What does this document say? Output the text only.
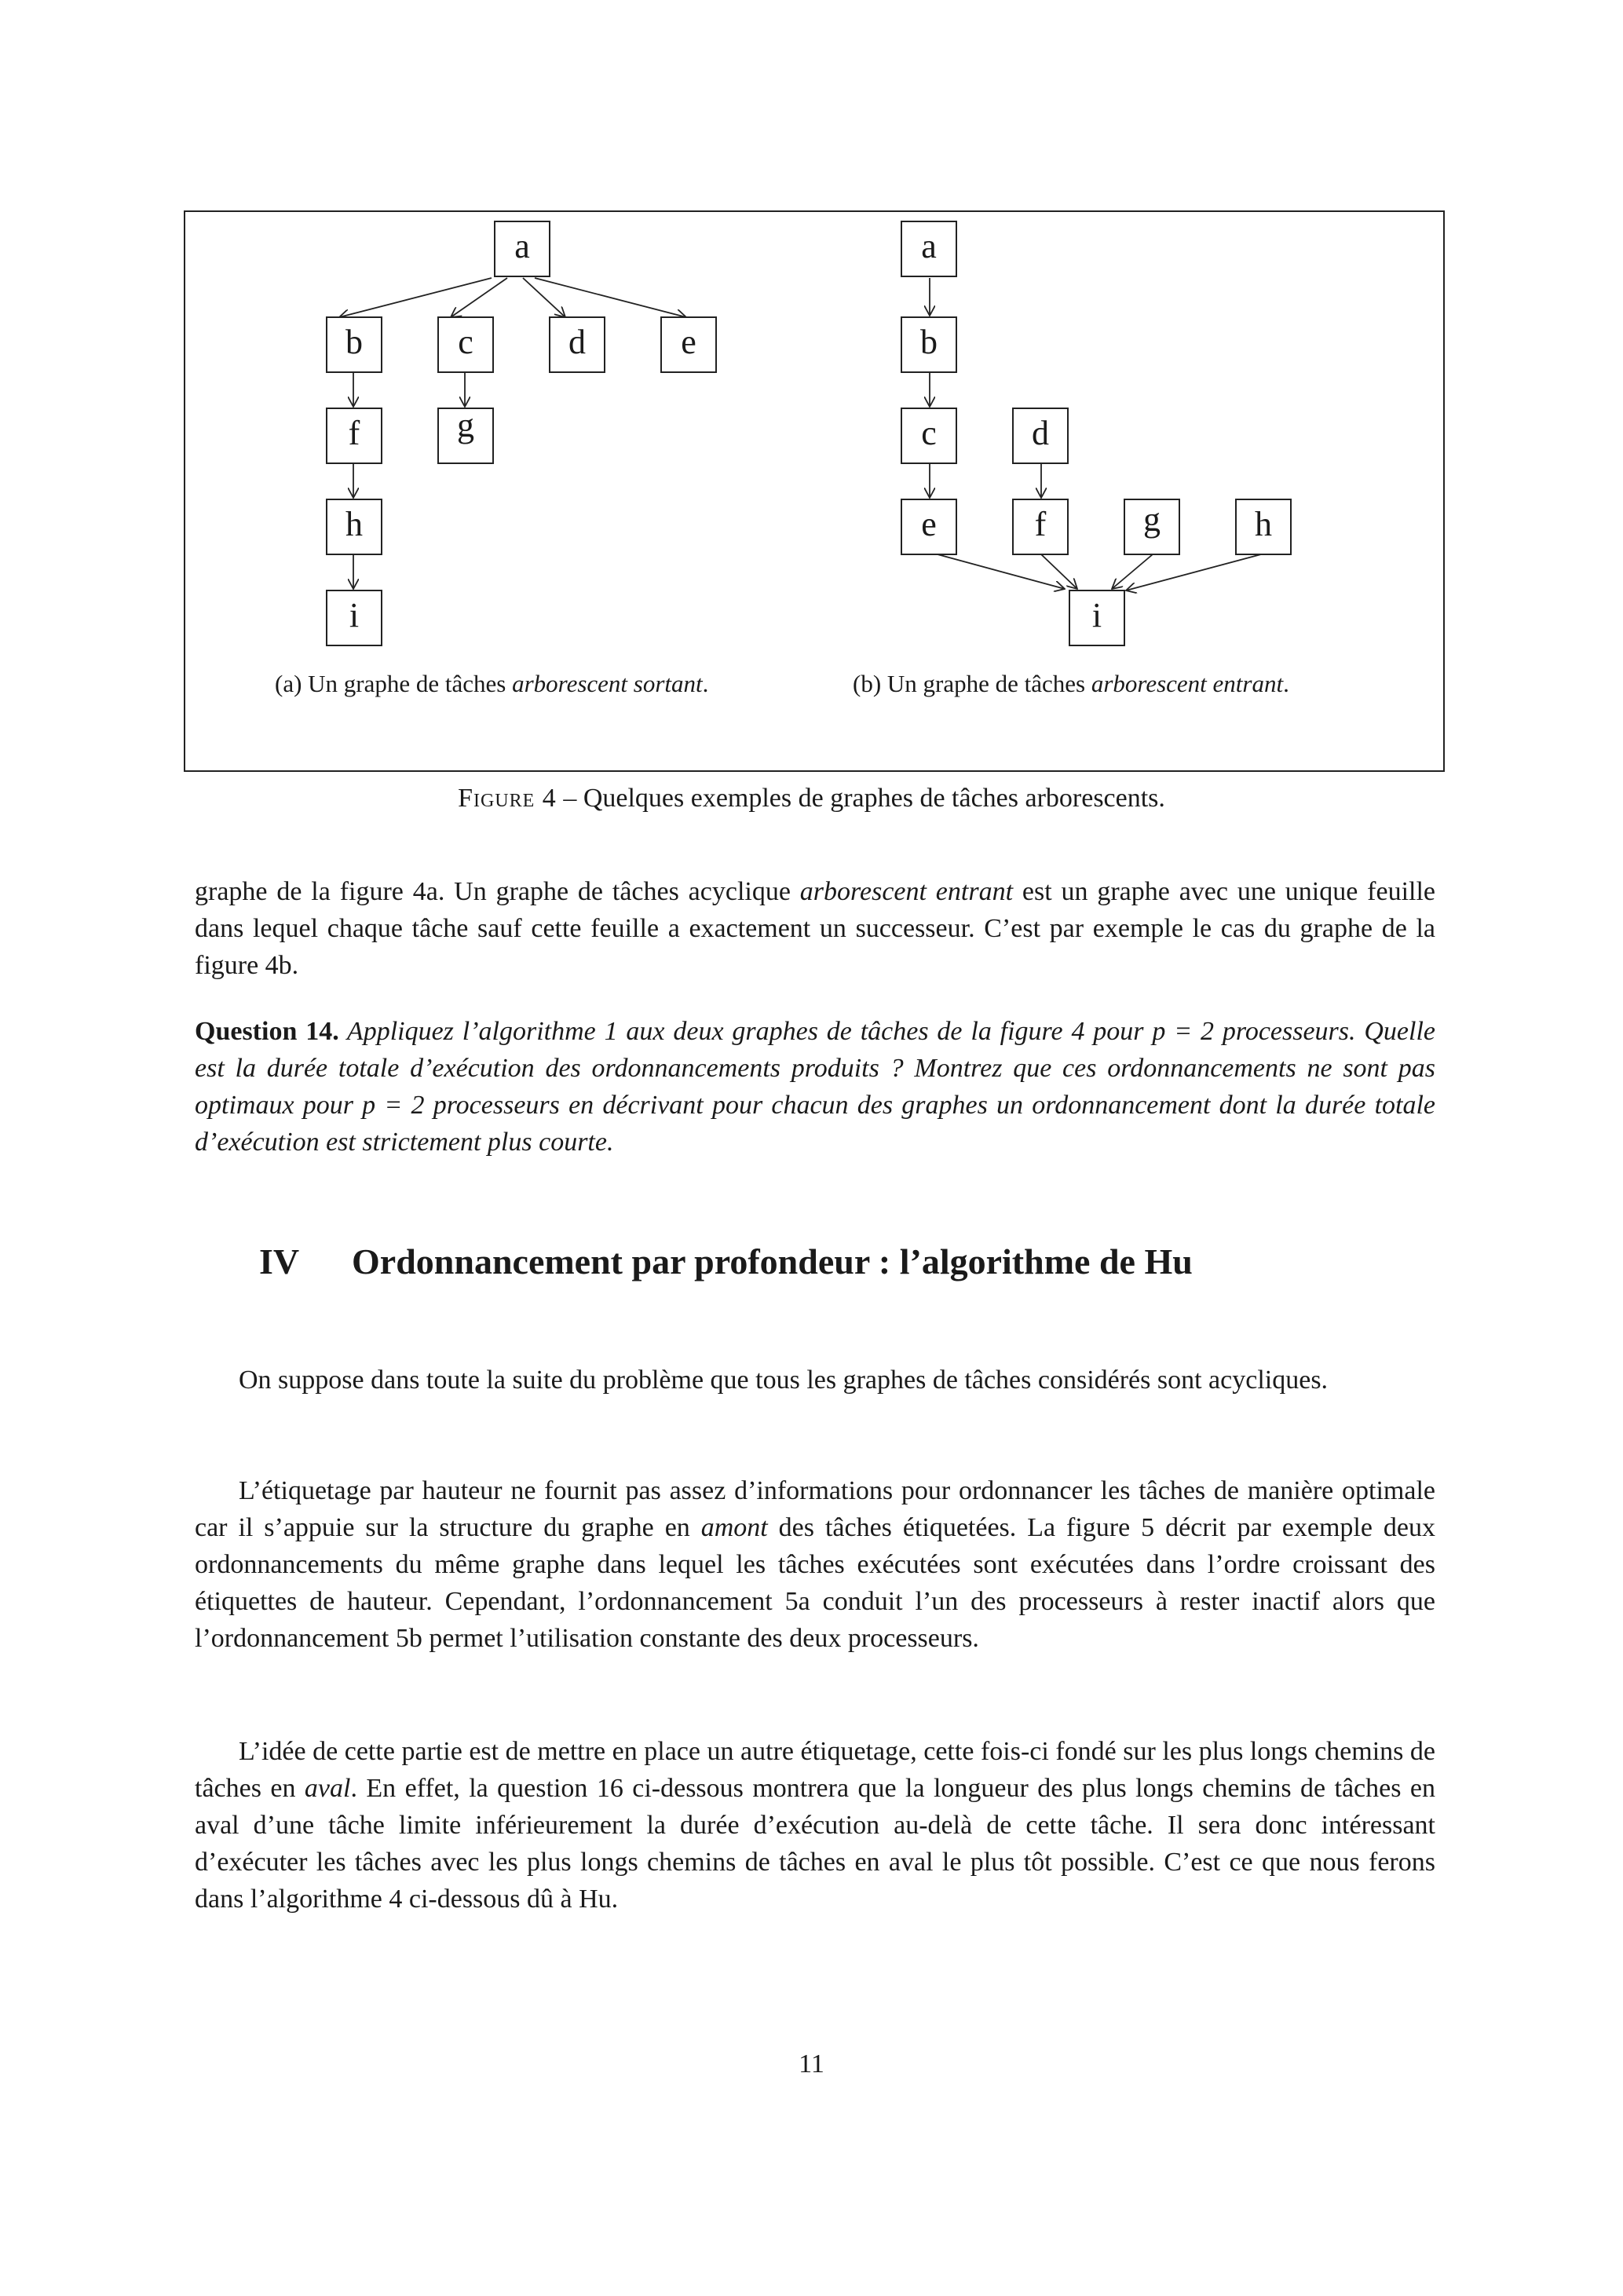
a
b	c	d	e
f	g
h
i
a
b
c	d
e	f	g	h
i
(a) Un graphe de tâches arborescent sortant.	(b) Un graphe de tâches arborescent entrant.
Figure 4 – Quelques exemples de graphes de tâches arborescents.

graphe de la figure 4a. Un graphe de tâches acyclique arborescent entrant est un graphe avec une unique feuille dans lequel chaque tâche sauf cette feuille a exactement un successeur. C’est par exemple le cas du graphe de la figure 4b.

Question 14. Appliquez l’algorithme 1 aux deux graphes de tâches de la figure 4 pour p = 2 processeurs. Quelle est la durée totale d’exécution des ordonnancements produits ? Montrez que ces ordonnancements ne sont pas optimaux pour p = 2 processeurs en décrivant pour chacun des graphes un ordonnancement dont la durée totale d’exécution est strictement plus courte.

IV Ordonnancement par profondeur : l’algorithme de Hu

On suppose dans toute la suite du problème que tous les graphes de tâches considérés sont acycliques.

L’étiquetage par hauteur ne fournit pas assez d’informations pour ordonnancer les tâches de manière optimale car il s’appuie sur la structure du graphe en amont des tâches étiquetées. La figure 5 décrit par exemple deux ordonnancements du même graphe dans lequel les tâches exécutées sont exécutées dans l’ordre croissant des étiquettes de hauteur. Cependant, l’ordonnancement 5a conduit l’un des processeurs à rester inactif alors que l’ordonnancement 5b permet l’utilisation constante des deux processeurs.

L’idée de cette partie est de mettre en place un autre étiquetage, cette fois-ci fondé sur les plus longs chemins de tâches en aval. En effet, la question 16 ci-dessous montrera que la longueur des plus longs chemins de tâches en aval d’une tâche limite inférieurement la durée d’exécution au-delà de cette tâche. Il sera donc intéressant d’exécuter les tâches avec les plus longs chemins de tâches en aval le plus tôt possible. C’est ce que nous ferons dans l’algorithme 4 ci-dessous dû à Hu.

11
